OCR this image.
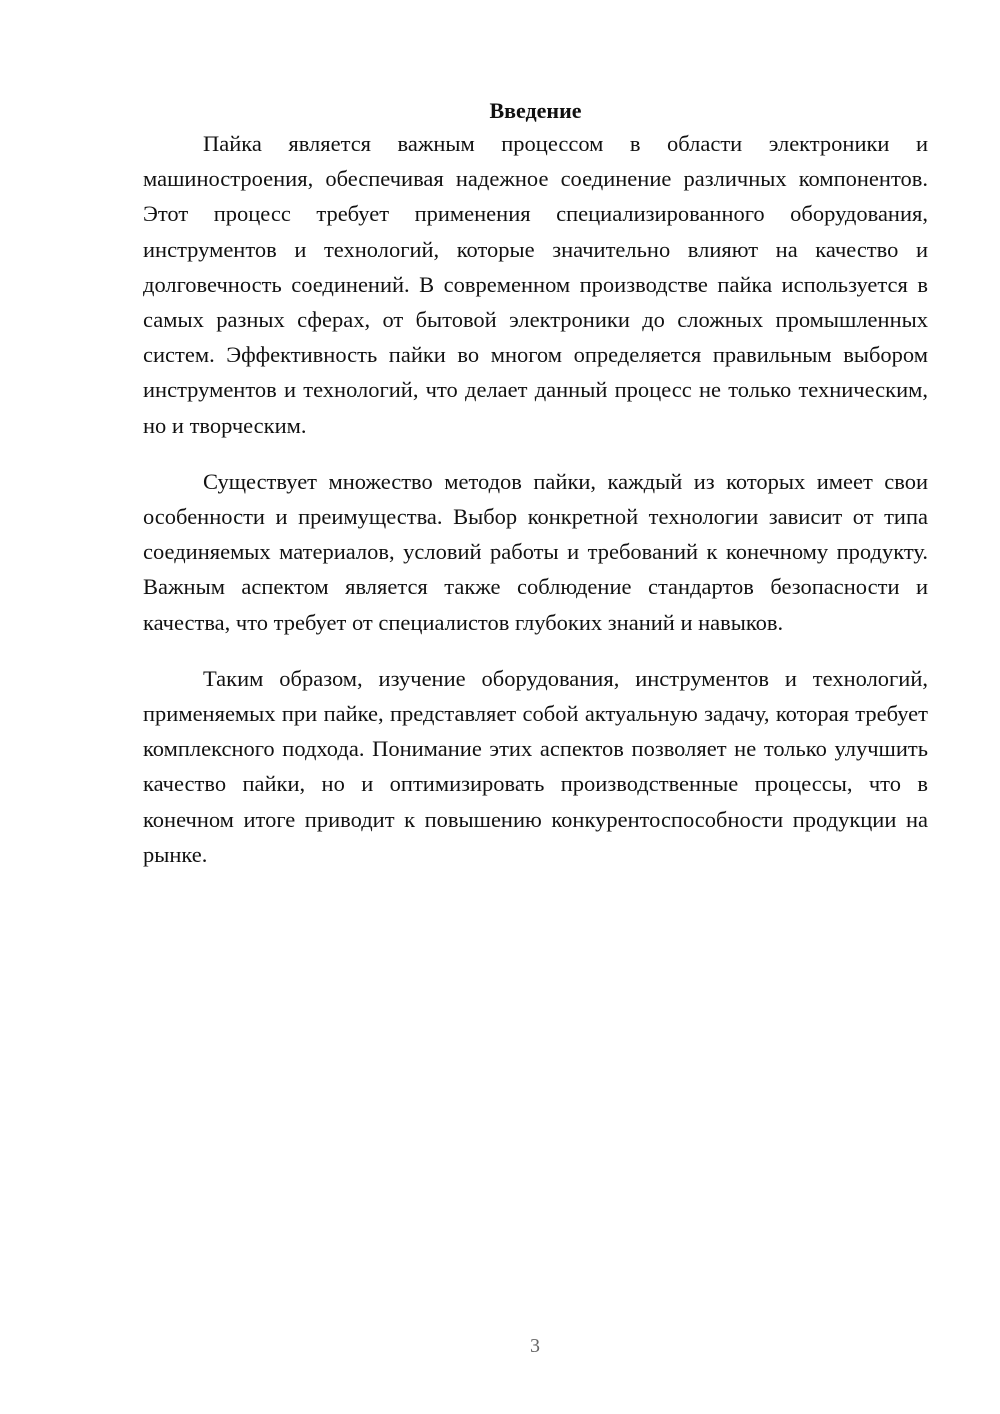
Введение

Пайка является важным процессом в области электроники и машиностроения, обеспечивая надежное соединение различных компонентов. Этот процесс требует применения специализированного оборудования, инструментов и технологий, которые значительно влияют на качество и долговечность соединений. В современном производстве пайка используется в самых разных сферах, от бытовой электроники до сложных промышленных систем. Эффективность пайки во многом определяется правильным выбором инструментов и технологий, что делает данный процесс не только техническим, но и творческим.

Существует множество методов пайки, каждый из которых имеет свои особенности и преимущества. Выбор конкретной технологии зависит от типа соединяемых материалов, условий работы и требований к конечному продукту. Важным аспектом является также соблюдение стандартов безопасности и качества, что требует от специалистов глубоких знаний и навыков.

Таким образом, изучение оборудования, инструментов и технологий, применяемых при пайке, представляет собой актуальную задачу, которая требует комплексного подхода. Понимание этих аспектов позволяет не только улучшить качество пайки, но и оптимизировать производственные процессы, что в конечном итоге приводит к повышению конкурентоспособности продукции на рынке.

3
